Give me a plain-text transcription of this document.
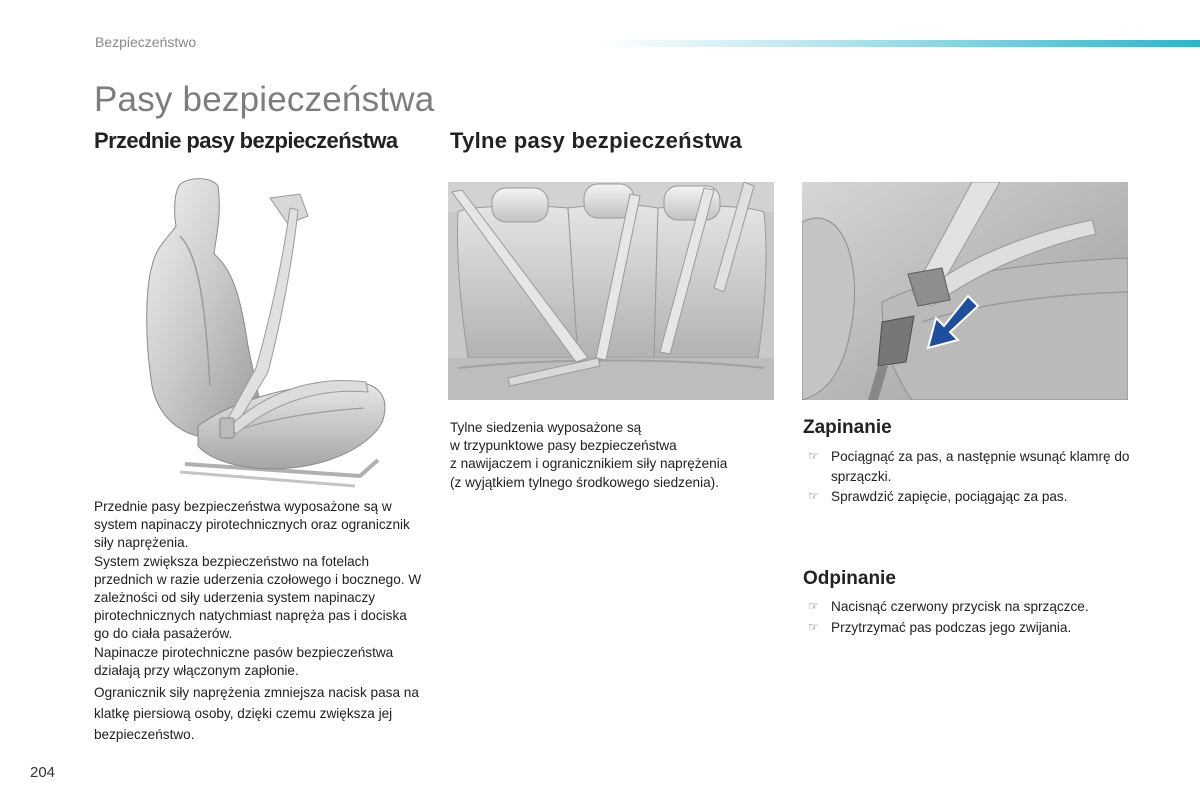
Bezpieczeństwo
Pasy bezpieczeństwa
Przednie pasy bezpieczeństwa Tylne pasy bezpieczeństwa

Przednie pasy bezpieczeństwa wyposażone są w system napinaczy pirotechnicznych oraz ogranicznik siły naprężenia.

System zwiększa bezpieczeństwo na fotelach przednich w razie uderzenia czołowego i bocznego. W zależności od siły uderzenia system napinaczy pirotechnicznych natychmiast napręża pas i dociska go do ciała pasażerów.

Napinacze pirotechniczne pasów bezpieczeństwa działają przy włączonym zapłonie.

Ogranicznik siły naprężenia zmniejsza nacisk pasa na klatkę piersiową osoby, dzięki czemu zwiększa jej bezpieczeństwo.

Tylne siedzenia wyposażone są

w trzypunktowe pasy bezpieczeństwa

z nawijaczem i ogranicznikiem siły naprężenia

(z wyjątkiem tylnego środkowego siedzenia).

Zapinanie
☞ Pociągnąć za pas, a następnie wsunąć klamrę do sprzączki.
☞ Sprawdzić zapięcie, pociągając za pas.
Odpinanie
☞ Nacisnąć czerwony przycisk na sprzączce.
☞ Przytrzymać pas podczas jego zwijania.
204
